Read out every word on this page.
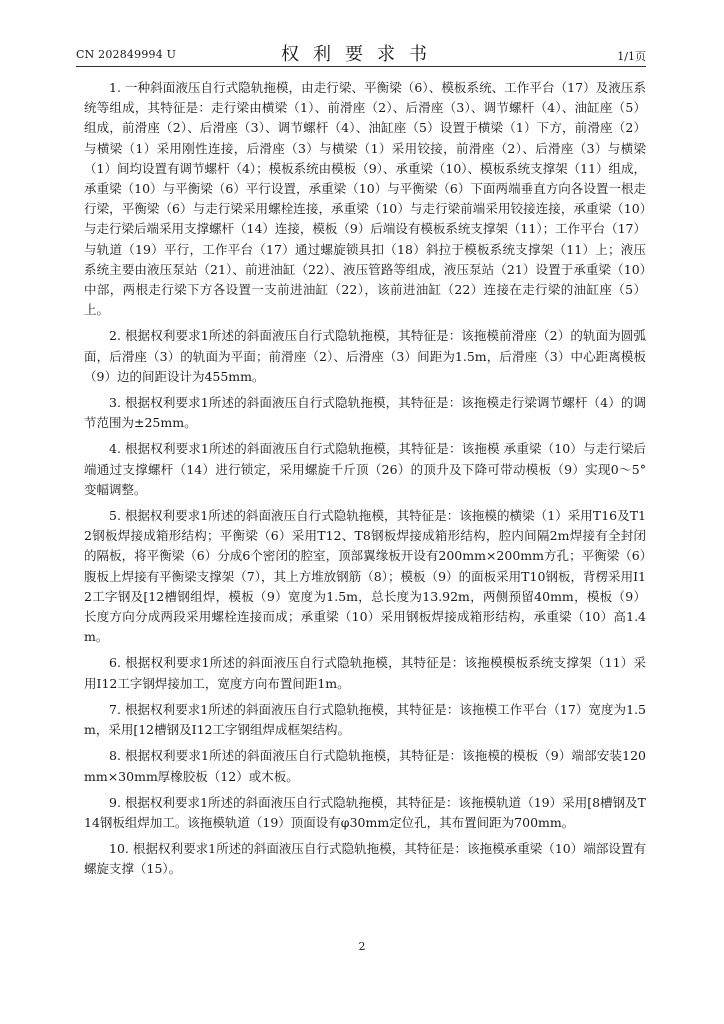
CN 202849994 U	权利要求书	1/1页

1. 一种斜面液压自行式隐轨拖模，由走行梁、平衡梁（6）、模板系统、工作平台（17）及液压系统等组成，其特征是：走行梁由横梁（1）、前滑座（2）、后滑座（3）、调节螺杆（4）、油缸座（5）组成，前滑座（2）、后滑座（3）、调节螺杆（4）、油缸座（5）设置于横梁（1）下方，前滑座（2）与横梁（1）采用刚性连接，后滑座（3）与横梁（1）采用铰接，前滑座（2）、后滑座（3）与横梁（1）间均设置有调节螺杆（4）；模板系统由模板（9）、承重梁（10）、模板系统支撑架（11）组成，承重梁（10）与平衡梁（6）平行设置，承重梁（10）与平衡梁（6）下面两端垂直方向各设置一根走行梁，平衡梁（6）与走行梁采用螺栓连接，承重梁（10）与走行梁前端采用铰接连接，承重梁（10）与走行梁后端采用支撑螺杆（14）连接，模板（9）后端设有模板系统支撑架（11）；工作平台（17）与轨道（19）平行，工作平台（17）通过螺旋锁具扣（18）斜拉于模板系统支撑架（11）上；液压系统主要由液压泵站（21）、前进油缸（22）、液压管路等组成，液压泵站（21）设置于承重梁（10）中部，两根走行梁下方各设置一支前进油缸（22），该前进油缸（22）连接在走行梁的油缸座（5）上。

2. 根据权利要求1所述的斜面液压自行式隐轨拖模，其特征是：该拖模前滑座（2）的轨面为圆弧面，后滑座（3）的轨面为平面；前滑座（2）、后滑座（3）间距为1.5m，后滑座（3）中心距离模板（9）边的间距设计为455mm。

3. 根据权利要求1所述的斜面液压自行式隐轨拖模，其特征是：该拖模走行梁调节螺杆（4）的调节范围为±25mm。

4. 根据权利要求1所述的斜面液压自行式隐轨拖模，其特征是：该拖模 承重梁（10）与走行梁后端通过支撑螺杆（14）进行锁定，采用螺旋千斤顶（26）的顶升及下降可带动模板（9）实现0～5° 变幅调整。

5. 根据权利要求1所述的斜面液压自行式隐轨拖模，其特征是：该拖模的横梁（1）采用T16及T12钢板焊接成箱形结构；平衡梁（6）采用T12、T8钢板焊接成箱形结构，腔内间隔2m焊接有全封闭的隔板，将平衡梁（6）分成6个密闭的腔室，顶部翼缘板开设有200mm×200mm方孔；平衡梁（6）腹板上焊接有平衡梁支撑架（7），其上方堆放钢筋（8）；模板（9）的面板采用T10钢板，背楞采用I12工字钢及[12槽钢组焊，模板（9）宽度为1.5m，总长度为13.92m，两侧预留40mm，模板（9）长度方向分成两段采用螺栓连接而成；承重梁（10）采用钢板焊接成箱形结构，承重梁（10）高1.4m。

6. 根据权利要求1所述的斜面液压自行式隐轨拖模，其特征是：该拖模模板系统支撑架（11）采用I12工字钢焊接加工，宽度方向布置间距1m。

7. 根据权利要求1所述的斜面液压自行式隐轨拖模，其特征是：该拖模工作平台（17）宽度为1.5m，采用[12槽钢及I12工字钢组焊成框架结构。

8. 根据权利要求1所述的斜面液压自行式隐轨拖模，其特征是：该拖模的模板（9）端部安装120mm×30mm厚橡胶板（12）或木板。

9. 根据权利要求1所述的斜面液压自行式隐轨拖模，其特征是：该拖模轨道（19）采用[8槽钢及T14钢板组焊加工。该拖模轨道（19）顶面设有φ30mm定位孔，其布置间距为700mm。

10. 根据权利要求1所述的斜面液压自行式隐轨拖模，其特征是：该拖模承重梁（10）端部设置有螺旋支撑（15）。

2
